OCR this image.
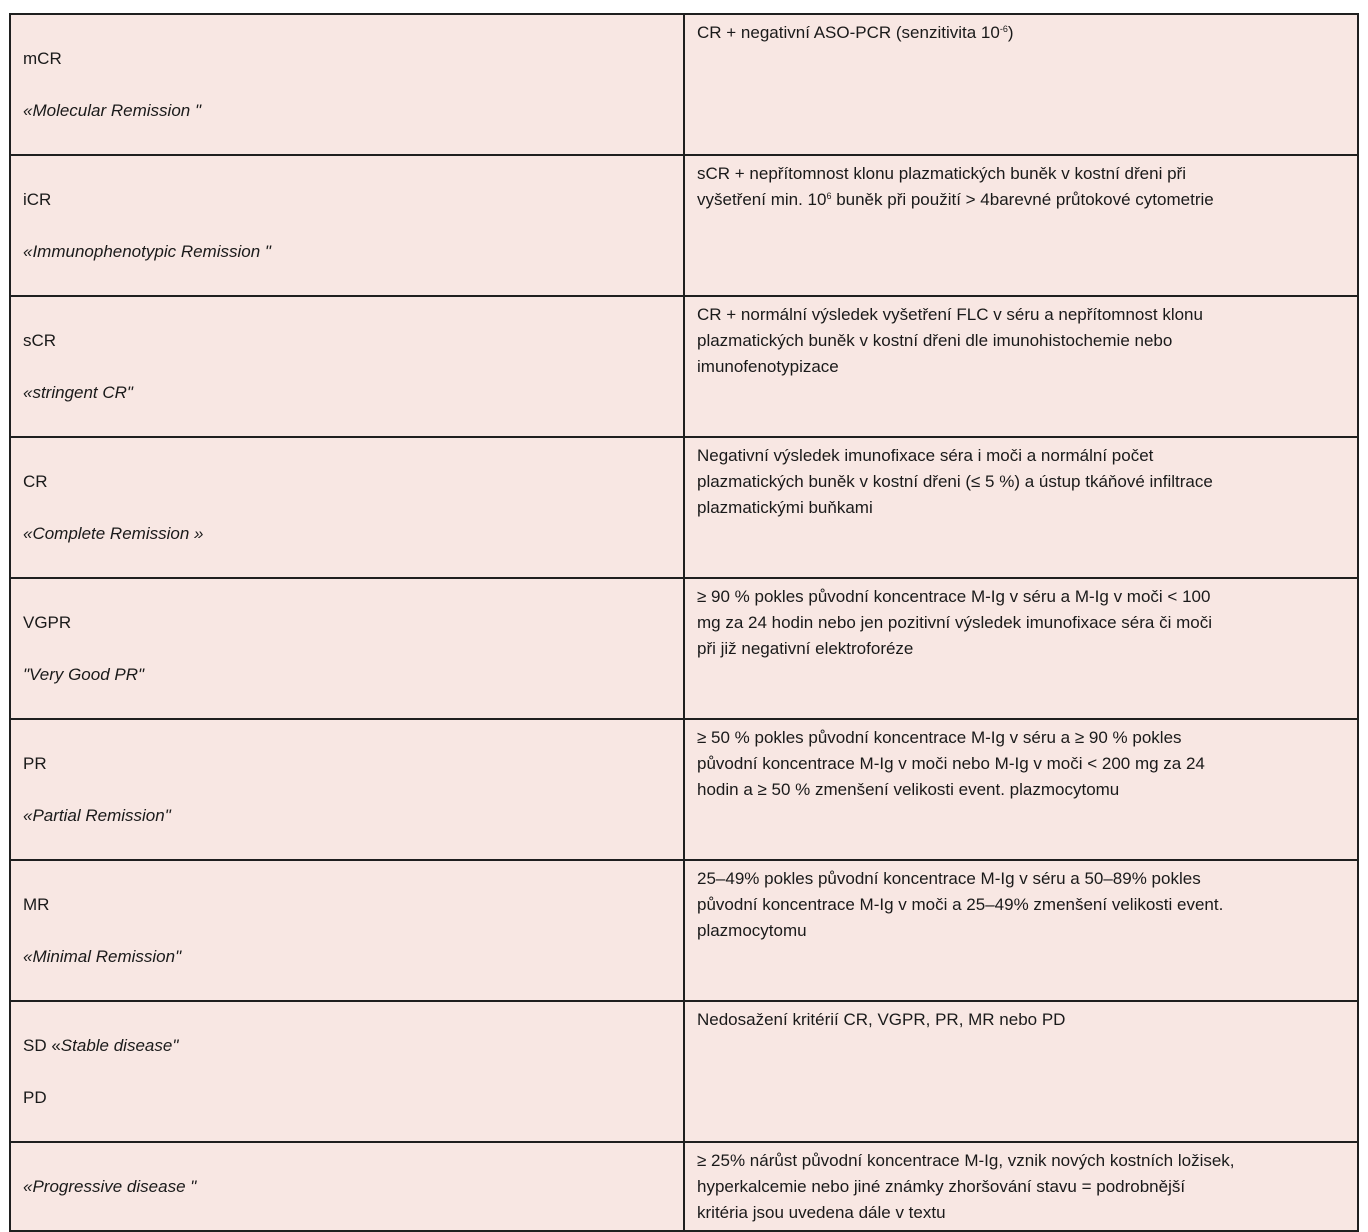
mCR

«Molecular Remission "	CR + negativní ASO-PCR (senzitivita $10^{-6}$)

iCR

«Immunophenotypic Remission "	sCR + nepřítomnost klonu plazmatických buněk v kostní dřeni při
vyšetření min. $10^6$ buněk při použití > 4barevné průtokové cytometrie

sCR

«stringent CR"	CR + normální výsledek vyšetření FLC v séru a nepřítomnost klonu
plazmatických buněk v kostní dřeni dle imunohistochemie nebo
imunofenotypizace

CR

«Complete Remission »	Negativní výsledek imunofixace séra i moči a normální počet
plazmatických buněk v kostní dřeni (≤ 5 %) a ústup tkáňové infiltrace
plazmatickými buňkami

VGPR

"Very Good PR"	≥ 90 % pokles původní koncentrace M-Ig v séru a M-Ig v moči < 100
mg za 24 hodin nebo jen pozitivní výsledek imunofixace séra či moči
při již negativní elektroforéze

PR

«Partial Remission"	≥ 50 % pokles původní koncentrace M-Ig v séru a ≥ 90 % pokles
původní koncentrace M-Ig v moči nebo M-Ig v moči < 200 mg za 24
hodin a ≥ 50 % zmenšení velikosti event. plazmocytomu

MR

«Minimal Remission"	25–49% pokles původní koncentrace M-Ig v séru a 50–89% pokles
původní koncentrace M-Ig v moči a 25–49% zmenšení velikosti event.
plazmocytomu

SD «Stable disease"

PD	Nedosažení kritérií CR, VGPR, PR, MR nebo PD

«Progressive disease "	≥ 25% nárůst původní koncentrace M-Ig, vznik nových kostních ložisek,
hyperkalcemie nebo jiné známky zhoršování stavu = podrobnější
kritéria jsou uvedena dále v textu
